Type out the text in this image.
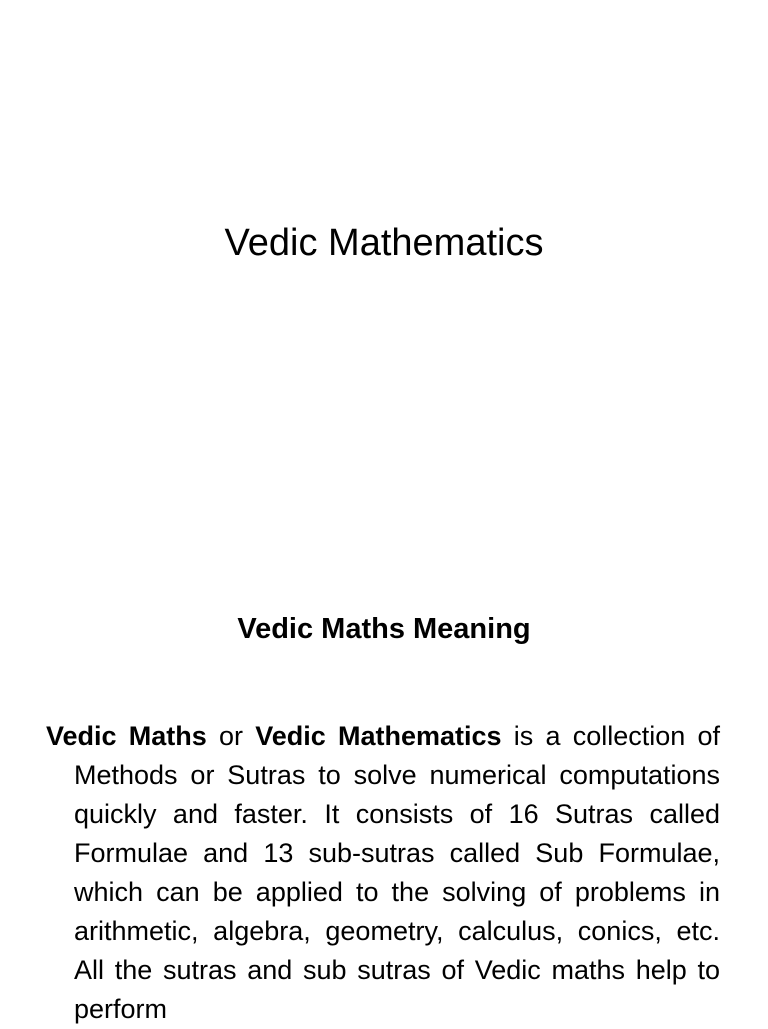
Vedic Mathematics
Vedic Maths Meaning

Vedic Maths or Vedic Mathematics is a collection of Methods or Sutras to solve numerical computations quickly and faster. It consists of 16 Sutras called Formulae and 13 sub-sutras called Sub Formulae, which can be applied to the solving of problems in arithmetic, algebra, geometry, calculus, conics, etc. All the sutras and sub sutras of Vedic maths help to perform
